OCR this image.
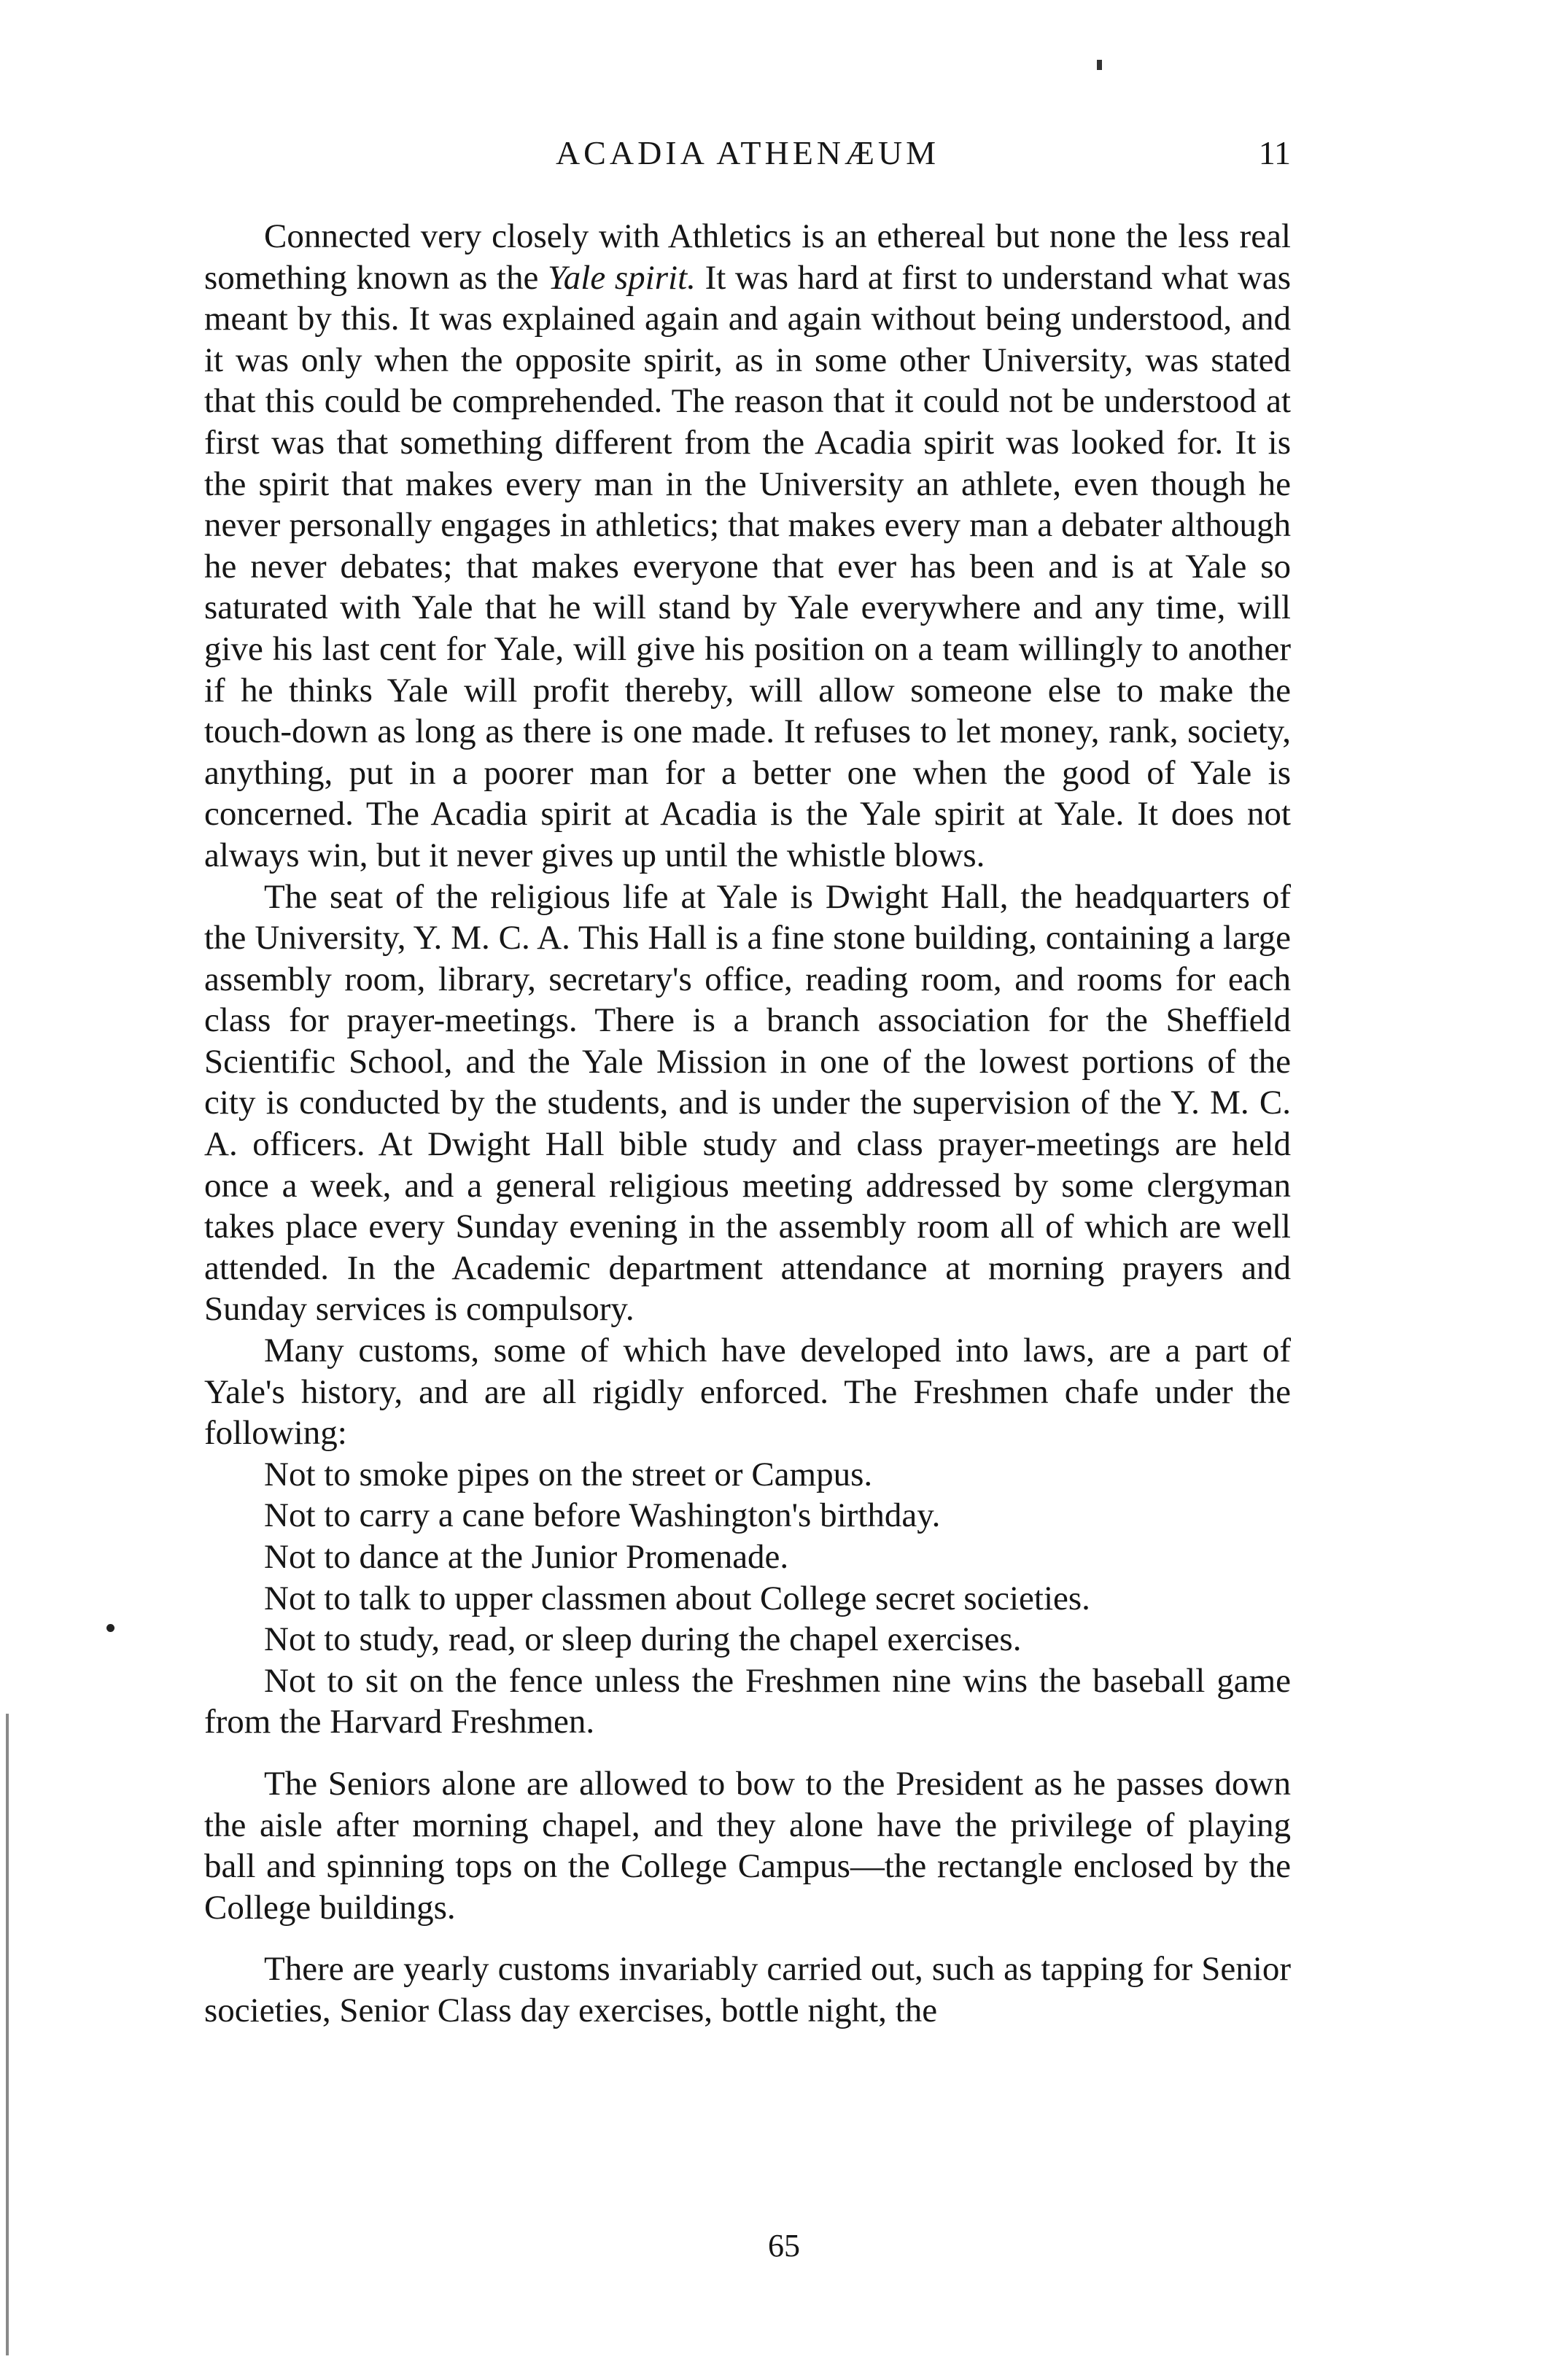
ACADIA ATHENÆUM	11

Connected very closely with Athletics is an ethereal but none the less real something known as the Yale spirit. It was hard at first to understand what was meant by this. It was explained again and again without being understood, and it was only when the opposite spirit, as in some other University, was stated that this could be comprehended. The reason that it could not be understood at first was that something different from the Acadia spirit was looked for. It is the spirit that makes every man in the University an athlete, even though he never personally engages in athletics; that makes every man a debater although he never debates; that makes everyone that ever has been and is at Yale so saturated with Yale that he will stand by Yale everywhere and any time, will give his last cent for Yale, will give his position on a team willingly to another if he thinks Yale will profit thereby, will allow someone else to make the touch-down as long as there is one made. It refuses to let money, rank, society, anything, put in a poorer man for a better one when the good of Yale is concerned. The Acadia spirit at Acadia is the Yale spirit at Yale. It does not always win, but it never gives up until the whistle blows.

The seat of the religious life at Yale is Dwight Hall, the headquarters of the University, Y. M. C. A. This Hall is a fine stone building, containing a large assembly room, library, secretary's office, reading room, and rooms for each class for prayer-meetings. There is a branch association for the Sheffield Scientific School, and the Yale Mission in one of the lowest portions of the city is conducted by the students, and is under the supervision of the Y. M. C. A. officers. At Dwight Hall bible study and class prayer-meetings are held once a week, and a general religious meeting addressed by some clergyman takes place every Sunday evening in the assembly room all of which are well attended. In the Academic department attendance at morning prayers and Sunday services is compulsory.

Many customs, some of which have developed into laws, are a part of Yale's history, and are all rigidly enforced. The Freshmen chafe under the following:

Not to smoke pipes on the street or Campus.
Not to carry a cane before Washington's birthday.
Not to dance at the Junior Promenade.
Not to talk to upper classmen about College secret societies.
Not to study, read, or sleep during the chapel exercises.
Not to sit on the fence unless the Freshmen nine wins the baseball game from the Harvard Freshmen.

The Seniors alone are allowed to bow to the President as he passes down the aisle after morning chapel, and they alone have the privilege of playing ball and spinning tops on the College Campus—the rectangle enclosed by the College buildings.

There are yearly customs invariably carried out, such as tapping for Senior societies, Senior Class day exercises, bottle night, the

65
